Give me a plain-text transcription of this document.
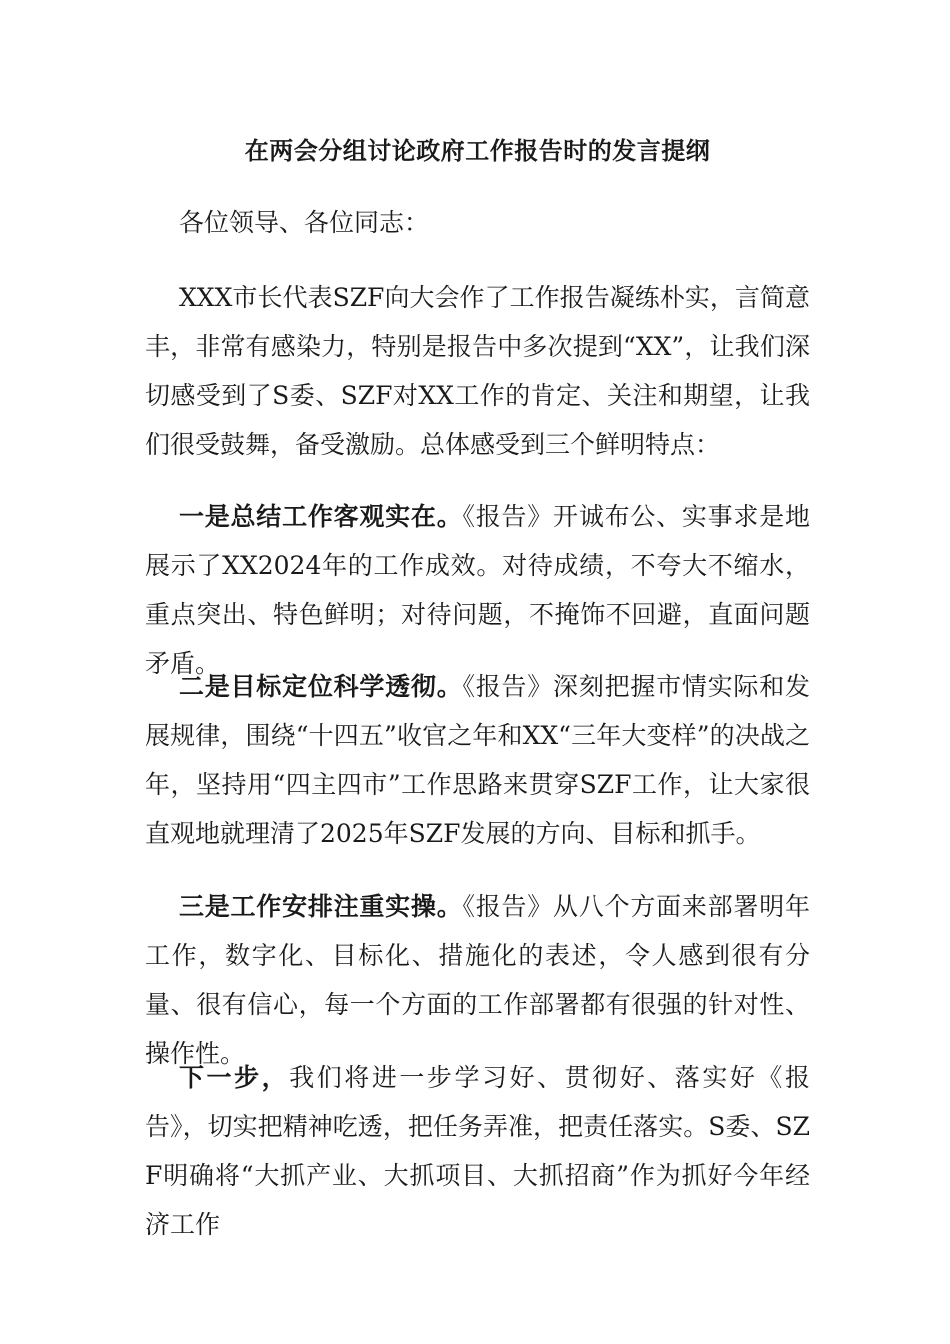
在两会分组讨论政府工作报告时的发言提纲

各位领导、各位同志：

XXX市长代表SZF向大会作了工作报告凝练朴实，言简意丰，非常有感染力，特别是报告中多次提到“XX”，让我们深切感受到了S委、SZF对XX工作的肯定、关注和期望，让我们很受鼓舞，备受激励。总体感受到三个鲜明特点：

一是总结工作客观实在。《报告》开诚布公、实事求是地展示了XX2024年的工作成效。对待成绩，不夸大不缩水，重点突出、特色鲜明；对待问题，不掩饰不回避，直面问题矛盾。

二是目标定位科学透彻。《报告》深刻把握市情实际和发展规律，围绕“十四五”收官之年和XX“三年大变样”的决战之年，坚持用“四主四市”工作思路来贯穿SZF工作，让大家很直观地就理清了2025年SZF发展的方向、目标和抓手。

三是工作安排注重实操。《报告》从八个方面来部署明年工作，数字化、目标化、措施化的表述，令人感到很有分量、很有信心，每一个方面的工作部署都有很强的针对性、操作性。

下一步，我们将进一步学习好、贯彻好、落实好《报告》，切实把精神吃透，把任务弄准，把责任落实。S委、SZF明确将“大抓产业、大抓项目、大抓招商”作为抓好今年经济工作
